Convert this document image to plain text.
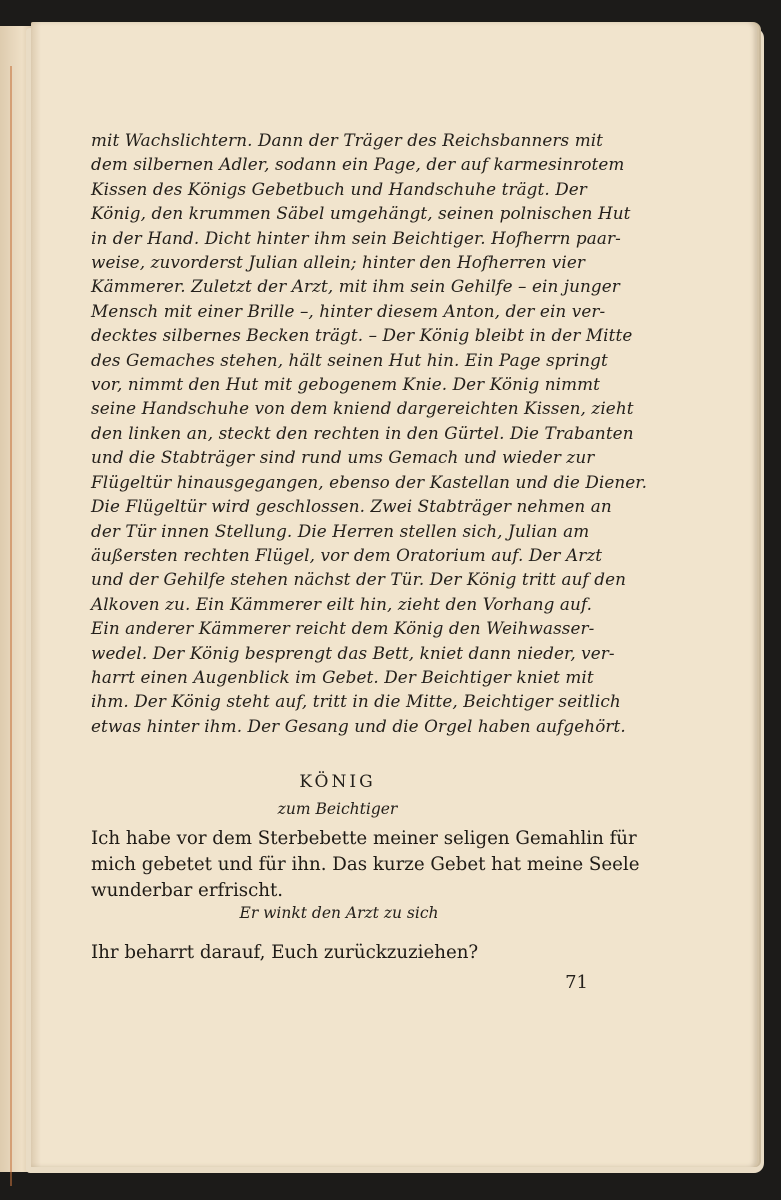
mit Wachslichtern. Dann der Träger des Reichsbanners mit
dem silbernen Adler, sodann ein Page, der auf karmesinrotem
Kissen des Königs Gebetbuch und Handschuhe trägt. Der
König, den krummen Säbel umgehängt, seinen polnischen Hut
in der Hand. Dicht hinter ihm sein Beichtiger. Hofherrn paar-
weise, zuvorderst Julian allein; hinter den Hofherren vier
Kämmerer. Zuletzt der Arzt, mit ihm sein Gehilfe – ein junger
Mensch mit einer Brille –, hinter diesem Anton, der ein ver-
decktes silbernes Becken trägt. – Der König bleibt in der Mitte
des Gemaches stehen, hält seinen Hut hin. Ein Page springt
vor, nimmt den Hut mit gebogenem Knie. Der König nimmt
seine Handschuhe von dem kniend dargereichten Kissen, zieht
den linken an, steckt den rechten in den Gürtel. Die Trabanten
und die Stabträger sind rund ums Gemach und wieder zur
Flügeltür hinausgegangen, ebenso der Kastellan und die Diener.
Die Flügeltür wird geschlossen. Zwei Stabträger nehmen an
der Tür innen Stellung. Die Herren stellen sich, Julian am
äußersten rechten Flügel, vor dem Oratorium auf. Der Arzt
und der Gehilfe stehen nächst der Tür. Der König tritt auf den
Alkoven zu. Ein Kämmerer eilt hin, zieht den Vorhang auf.
Ein anderer Kämmerer reicht dem König den Weihwasser-
wedel. Der König besprengt das Bett, kniet dann nieder, ver-
harrt einen Augenblick im Gebet. Der Beichtiger kniet mit
ihm. Der König steht auf, tritt in die Mitte, Beichtiger seitlich
etwas hinter ihm. Der Gesang und die Orgel haben aufgehört.

KÖNIG
zum Beichtiger
Ich habe vor dem Sterbebette meiner seligen Gemahlin für
mich gebetet und für ihn. Das kurze Gebet hat meine Seele
wunderbar erfrischt.
Er winkt den Arzt zu sich
Ihr beharrt darauf, Euch zurückzuziehen?
71
